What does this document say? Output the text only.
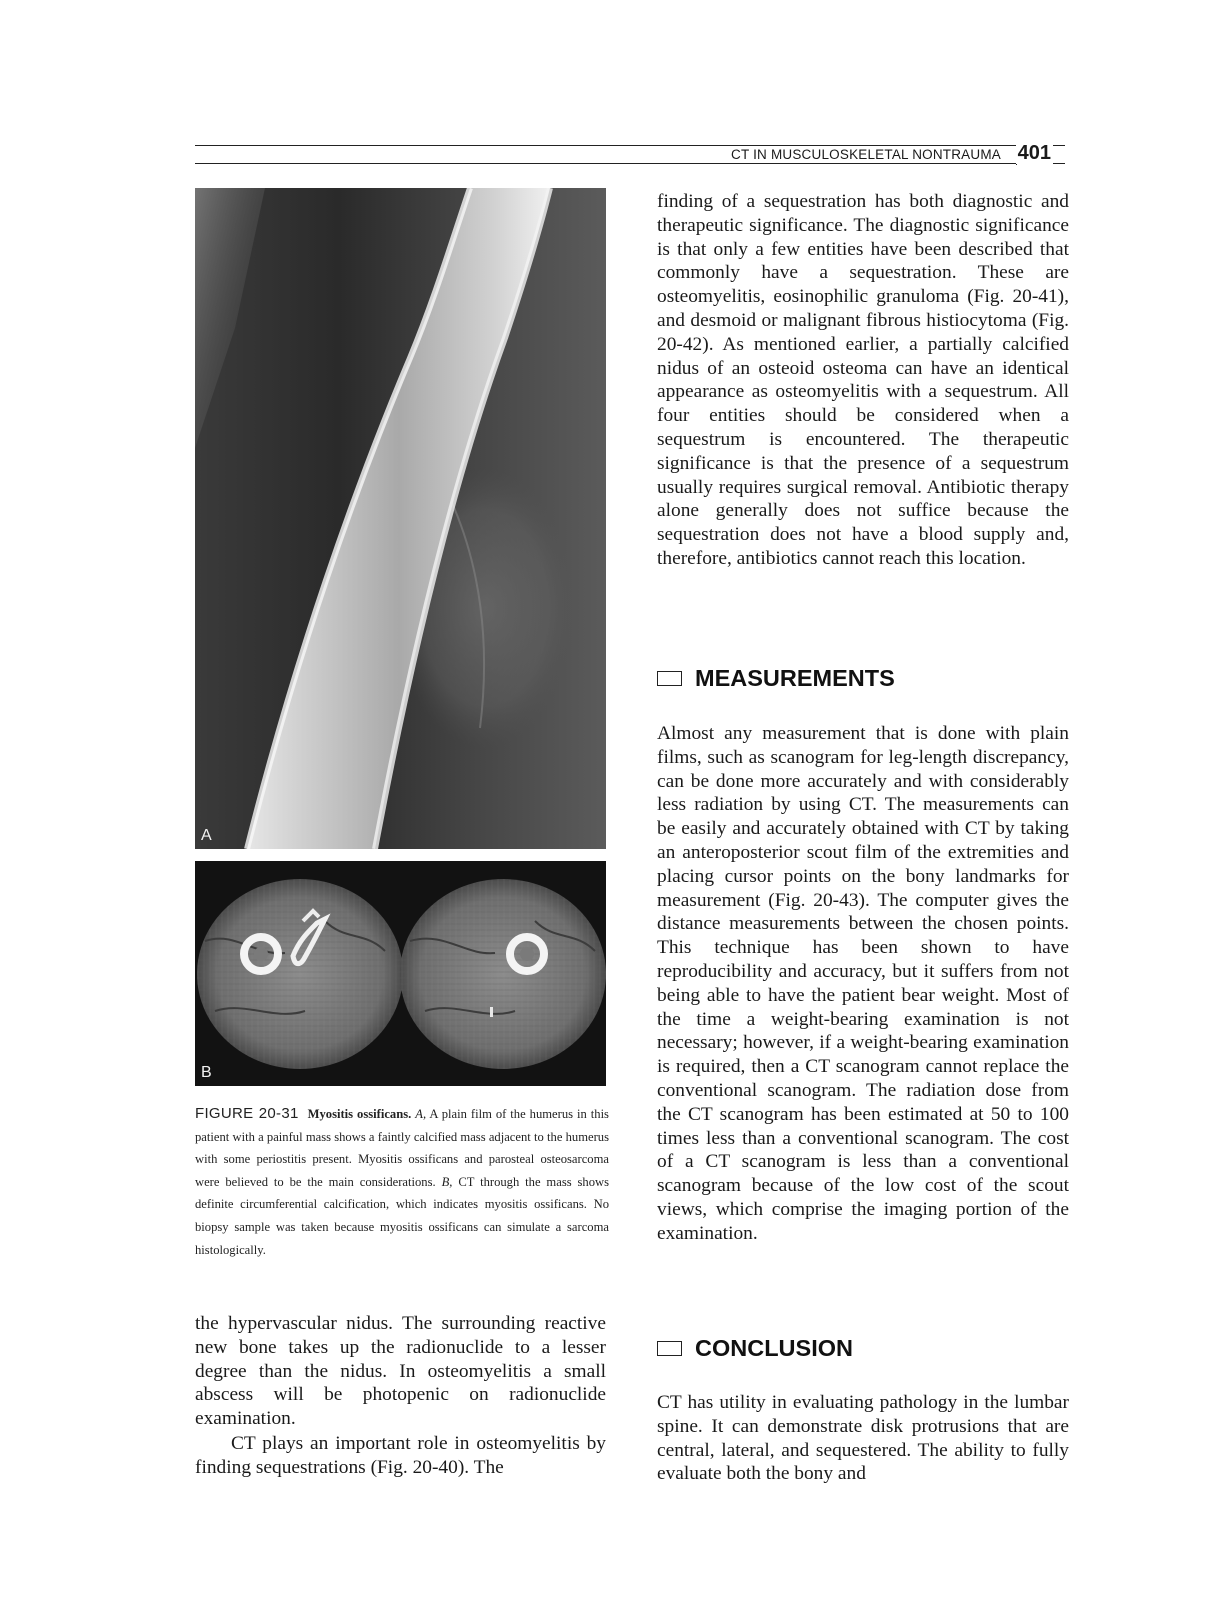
CT IN MUSCULOSKELETAL NONTRAUMA 401
A
B
FIGURE 20-31 Myositis ossificans. A, A plain film of the humerus in this patient with a painful mass shows a faintly calcified mass adjacent to the humerus with some periostitis present. Myositis ossificans and parosteal osteosarcoma were believed to be the main considerations. B, CT through the mass shows definite circumferential calcification, which indicates myositis ossificans. No biopsy sample was taken because myositis ossificans can simulate a sarcoma histologically.

the hypervascular nidus. The surrounding reactive new bone takes up the radionuclide to a lesser degree than the nidus. In osteomyelitis a small abscess will be photopenic on radionuclide examination.

CT plays an important role in osteomyelitis by finding sequestrations (Fig. 20-40). The

finding of a sequestration has both diagnostic and therapeutic significance. The diagnostic significance is that only a few entities have been described that commonly have a sequestration. These are osteomyelitis, eosinophilic granuloma (Fig. 20-41), and desmoid or malignant fibrous histiocytoma (Fig. 20-42). As mentioned earlier, a partially calcified nidus of an osteoid osteoma can have an identical appearance as osteomyelitis with a sequestrum. All four entities should be considered when a sequestrum is encountered. The therapeutic significance is that the presence of a sequestrum usually requires surgical removal. Antibiotic therapy alone generally does not suffice because the sequestration does not have a blood supply and, therefore, antibiotics cannot reach this location.

MEASUREMENTS

Almost any measurement that is done with plain films, such as scanogram for leg-length discrepancy, can be done more accurately and with considerably less radiation by using CT. The measurements can be easily and accurately obtained with CT by taking an anteroposterior scout film of the extremities and placing cursor points on the bony landmarks for measurement (Fig. 20-43). The computer gives the distance measurements between the chosen points. This technique has been shown to have reproducibility and accuracy, but it suffers from not being able to have the patient bear weight. Most of the time a weight-bearing examination is not necessary; however, if a weight-bearing examination is required, then a CT scanogram cannot replace the conventional scanogram. The radiation dose from the CT scanogram has been estimated at 50 to 100 times less than a conventional scanogram. The cost of a CT scanogram is less than a conventional scanogram because of the low cost of the scout views, which comprise the imaging portion of the examination.

CONCLUSION

CT has utility in evaluating pathology in the lumbar spine. It can demonstrate disk protrusions that are central, lateral, and sequestered. The ability to fully evaluate both the bony and
